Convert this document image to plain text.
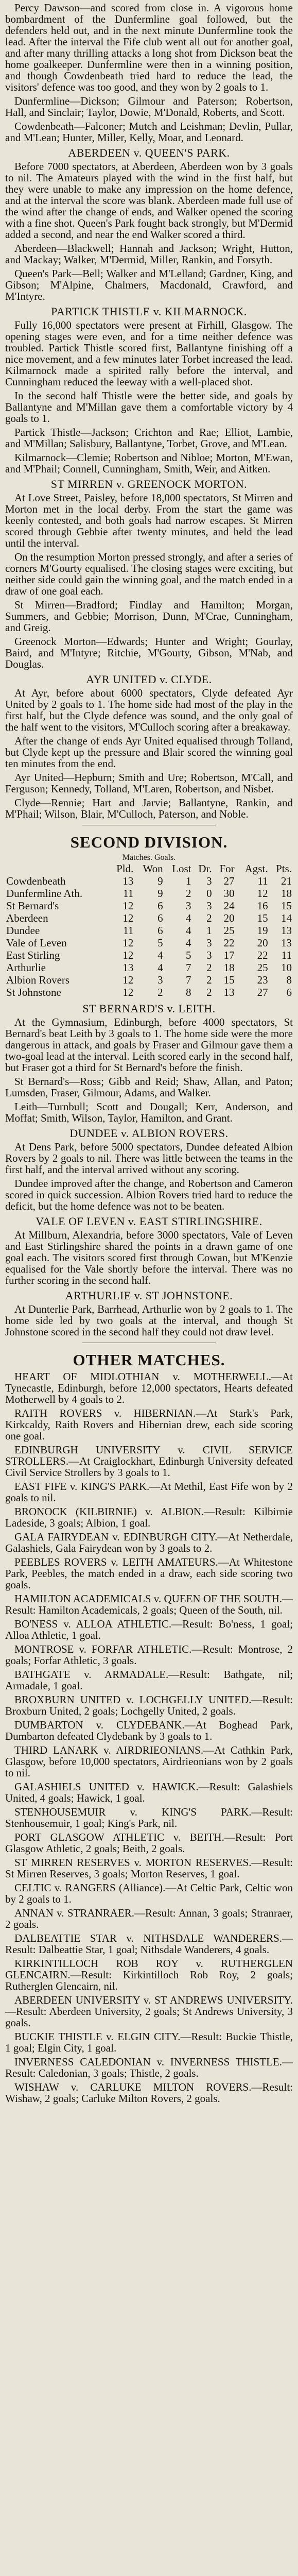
Percy Dawson—and scored from close in. A vigorous home bombardment of the Dunfermline goal followed, but the defenders held out, and in the next minute Dunfermline took the lead. After the interval the Fife club went all out for another goal, and after many thrilling attacks a long shot from Dickson beat the home goalkeeper. Dunfermline were then in a winning position, and though Cowdenbeath tried hard to reduce the lead, the visitors' defence was too good, and they won by 2 goals to 1.

Dunfermline—Dickson; Gilmour and Paterson; Robertson, Hall, and Sinclair; Taylor, Dowie, M'Donald, Roberts, and Scott.

Cowdenbeath—Falconer; Mutch and Leishman; Devlin, Pullar, and M'Lean; Hunter, Miller, Kelly, Moar, and Leonard.

ABERDEEN v. QUEEN'S PARK.

Before 7000 spectators, at Aberdeen, Aberdeen won by 3 goals to nil. The Amateurs played with the wind in the first half, but they were unable to make any impression on the home defence, and at the interval the score was blank. Aberdeen made full use of the wind after the change of ends, and Walker opened the scoring with a fine shot. Queen's Park fought back strongly, but M'Dermid added a second, and near the end Walker scored a third.

Aberdeen—Blackwell; Hannah and Jackson; Wright, Hutton, and Mackay; Walker, M'Dermid, Miller, Rankin, and Forsyth.

Queen's Park—Bell; Walker and M'Lelland; Gardner, King, and Gibson; M'Alpine, Chalmers, Macdonald, Crawford, and M'Intyre.

PARTICK THISTLE v. KILMARNOCK.

Fully 16,000 spectators were present at Firhill, Glasgow. The opening stages were even, and for a time neither defence was troubled. Partick Thistle scored first, Ballantyne finishing off a nice movement, and a few minutes later Torbet increased the lead. Kilmarnock made a spirited rally before the interval, and Cunningham reduced the leeway with a well-placed shot.

In the second half Thistle were the better side, and goals by Ballantyne and M'Millan gave them a comfortable victory by 4 goals to 1.

Partick Thistle—Jackson; Crichton and Rae; Elliot, Lambie, and M'Millan; Salisbury, Ballantyne, Torbet, Grove, and M'Lean.

Kilmarnock—Clemie; Robertson and Nibloe; Morton, M'Ewan, and M'Phail; Connell, Cunningham, Smith, Weir, and Aitken.

ST MIRREN v. GREENOCK MORTON.

At Love Street, Paisley, before 18,000 spectators, St Mirren and Morton met in the local derby. From the start the game was keenly contested, and both goals had narrow escapes. St Mirren scored through Gebbie after twenty minutes, and held the lead until the interval.

On the resumption Morton pressed strongly, and after a series of corners M'Gourty equalised. The closing stages were exciting, but neither side could gain the winning goal, and the match ended in a draw of one goal each.

St Mirren—Bradford; Findlay and Hamilton; Morgan, Summers, and Gebbie; Morrison, Dunn, M'Crae, Cunningham, and Greig.

Greenock Morton—Edwards; Hunter and Wright; Gourlay, Baird, and M'Intyre; Ritchie, M'Gourty, Gibson, M'Nab, and Douglas.

AYR UNITED v. CLYDE.

At Ayr, before about 6000 spectators, Clyde defeated Ayr United by 2 goals to 1. The home side had most of the play in the first half, but the Clyde defence was sound, and the only goal of the half went to the visitors, M'Culloch scoring after a breakaway.

After the change of ends Ayr United equalised through Tolland, but Clyde kept up the pressure and Blair scored the winning goal ten minutes from the end.

Ayr United—Hepburn; Smith and Ure; Robertson, M'Call, and Ferguson; Kennedy, Tolland, M'Laren, Robertson, and Nisbet.

Clyde—Rennie; Hart and Jarvie; Ballantyne, Rankin, and M'Phail; Wilson, Blair, M'Culloch, Paterson, and Noble.

SECOND DIVISION.
Matches. Goals.
	Pld.	Won	Lost	Dr.	For	Agst.	Pts.
Cowdenbeath	13	9	1	3	27	11	21
Dunfermline Ath.	11	9	2	0	30	12	18
St Bernard's	12	6	3	3	24	16	15
Aberdeen	12	6	4	2	20	15	14
Dundee	11	6	4	1	25	19	13
Vale of Leven	12	5	4	3	22	20	13
East Stirling	12	4	5	3	17	22	11
Arthurlie	13	4	7	2	18	25	10
Albion Rovers	12	3	7	2	15	23	8
St Johnstone	12	2	8	2	13	27	6
ST BERNARD'S v. LEITH.

At the Gymnasium, Edinburgh, before 4000 spectators, St Bernard's beat Leith by 3 goals to 1. The home side were the more dangerous in attack, and goals by Fraser and Gilmour gave them a two-goal lead at the interval. Leith scored early in the second half, but Fraser got a third for St Bernard's before the finish.

St Bernard's—Ross; Gibb and Reid; Shaw, Allan, and Paton; Lumsden, Fraser, Gilmour, Adams, and Walker.

Leith—Turnbull; Scott and Dougall; Kerr, Anderson, and Moffat; Smith, Wilson, Taylor, Hamilton, and Grant.

DUNDEE v. ALBION ROVERS.

At Dens Park, before 5000 spectators, Dundee defeated Albion Rovers by 2 goals to nil. There was little between the teams in the first half, and the interval arrived without any scoring.

Dundee improved after the change, and Robertson and Cameron scored in quick succession. Albion Rovers tried hard to reduce the deficit, but the home defence was not to be beaten.

VALE OF LEVEN v. EAST STIRLINGSHIRE.

At Millburn, Alexandria, before 3000 spectators, Vale of Leven and East Stirlingshire shared the points in a drawn game of one goal each. The visitors scored first through Cowan, but M'Kenzie equalised for the Vale shortly before the interval. There was no further scoring in the second half.

ARTHURLIE v. ST JOHNSTONE.

At Dunterlie Park, Barrhead, Arthurlie won by 2 goals to 1. The home side led by two goals at the interval, and though St Johnstone scored in the second half they could not draw level.

OTHER MATCHES.

HEART OF MIDLOTHIAN v. MOTHERWELL.—At Tynecastle, Edinburgh, before 12,000 spectators, Hearts defeated Motherwell by 4 goals to 2.

RAITH ROVERS v. HIBERNIAN.—At Stark's Park, Kirkcaldy, Raith Rovers and Hibernian drew, each side scoring one goal.

EDINBURGH UNIVERSITY v. CIVIL SERVICE STROLLERS.—At Craiglockhart, Edinburgh University defeated Civil Service Strollers by 3 goals to 1.

EAST FIFE v. KING'S PARK.—At Methil, East Fife won by 2 goals to nil.

BRONOCK (KILBIRNIE) v. ALBION.—Result: Kilbirnie Ladeside, 3 goals; Albion, 1 goal.

GALA FAIRYDEAN v. EDINBURGH CITY.—At Netherdale, Galashiels, Gala Fairydean won by 3 goals to 2.

PEEBLES ROVERS v. LEITH AMATEURS.—At Whitestone Park, Peebles, the match ended in a draw, each side scoring two goals.

HAMILTON ACADEMICALS v. QUEEN OF THE SOUTH.—Result: Hamilton Academicals, 2 goals; Queen of the South, nil.

BO'NESS v. ALLOA ATHLETIC.—Result: Bo'ness, 1 goal; Alloa Athletic, 1 goal.

MONTROSE v. FORFAR ATHLETIC.—Result: Montrose, 2 goals; Forfar Athletic, 3 goals.

BATHGATE v. ARMADALE.—Result: Bathgate, nil; Armadale, 1 goal.

BROXBURN UNITED v. LOCHGELLY UNITED.—Result: Broxburn United, 2 goals; Lochgelly United, 2 goals.

DUMBARTON v. CLYDEBANK.—At Boghead Park, Dumbarton defeated Clydebank by 3 goals to 1.

THIRD LANARK v. AIRDRIEONIANS.—At Cathkin Park, Glasgow, before 10,000 spectators, Airdrieonians won by 2 goals to nil.

GALASHIELS UNITED v. HAWICK.—Result: Galashiels United, 4 goals; Hawick, 1 goal.

STENHOUSEMUIR v. KING'S PARK.—Result: Stenhousemuir, 1 goal; King's Park, nil.

PORT GLASGOW ATHLETIC v. BEITH.—Result: Port Glasgow Athletic, 2 goals; Beith, 2 goals.

ST MIRREN RESERVES v. MORTON RESERVES.—Result: St Mirren Reserves, 3 goals; Morton Reserves, 1 goal.

CELTIC v. RANGERS (Alliance).—At Celtic Park, Celtic won by 2 goals to 1.

ANNAN v. STRANRAER.—Result: Annan, 3 goals; Stranraer, 2 goals.

DALBEATTIE STAR v. NITHSDALE WANDERERS.—Result: Dalbeattie Star, 1 goal; Nithsdale Wanderers, 4 goals.

KIRKINTILLOCH ROB ROY v. RUTHERGLEN GLENCAIRN.—Result: Kirkintilloch Rob Roy, 2 goals; Rutherglen Glencairn, nil.

ABERDEEN UNIVERSITY v. ST ANDREWS UNIVERSITY.—Result: Aberdeen University, 2 goals; St Andrews University, 3 goals.

BUCKIE THISTLE v. ELGIN CITY.—Result: Buckie Thistle, 1 goal; Elgin City, 1 goal.

INVERNESS CALEDONIAN v. INVERNESS THISTLE.—Result: Caledonian, 3 goals; Thistle, 2 goals.

WISHAW v. CARLUKE MILTON ROVERS.—Result: Wishaw, 2 goals; Carluke Milton Rovers, 2 goals.
